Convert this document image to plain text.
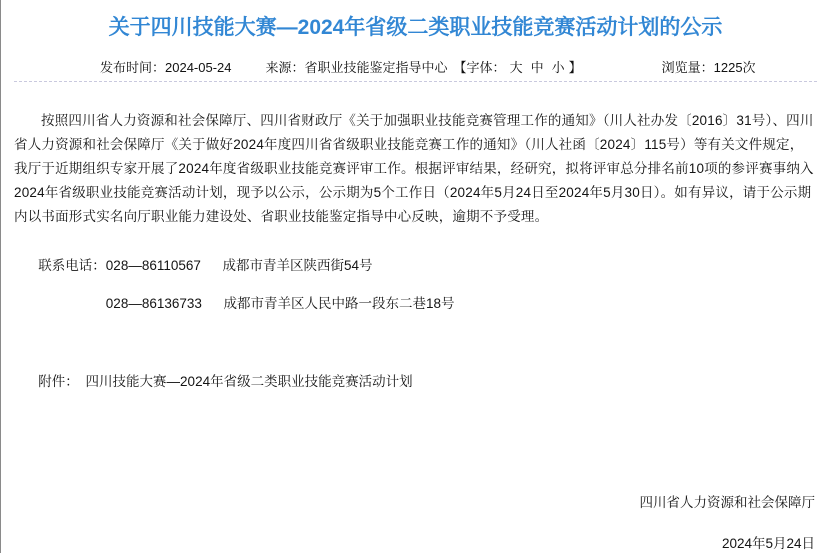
关于四川技能大赛—2024年省级二类职业技能竞赛活动计划的公示
发布时间： 2024-05-24	来源： 省职业技能鉴定指导中心 【字体： 大 中 小 】	浏览量： 1225次

按照四川省人力资源和社会保障厅、四川省财政厅《关于加强职业技能竞赛管理工作的通知》（川人社办发〔2016〕31号）、四川省人力资源和社会保障厅《关于做好2024年度四川省省级职业技能竞赛工作的通知》（川人社函〔2024〕115号）等有关文件规定，我厅于近期组织专家开展了2024年度省级职业技能竞赛评审工作。根据评审结果，经研究，拟将评审总分排名前10项的参评赛事纳入2024年省级职业技能竞赛活动计划，现予以公示，公示期为5个工作日（2024年5月24日至2024年5月30日）。如有异议，请于公示期内以书面形式实名向厅职业能力建设处、省职业技能鉴定指导中心反映，逾期不予受理。

联系电话：028—86110567 成都市青羊区陕西街54号

028—86136733 成都市青羊区人民中路一段东二巷18号

附件： 四川技能大赛—2024年省级二类职业技能竞赛活动计划

四川省人力资源和社会保障厅

2024年5月24日
